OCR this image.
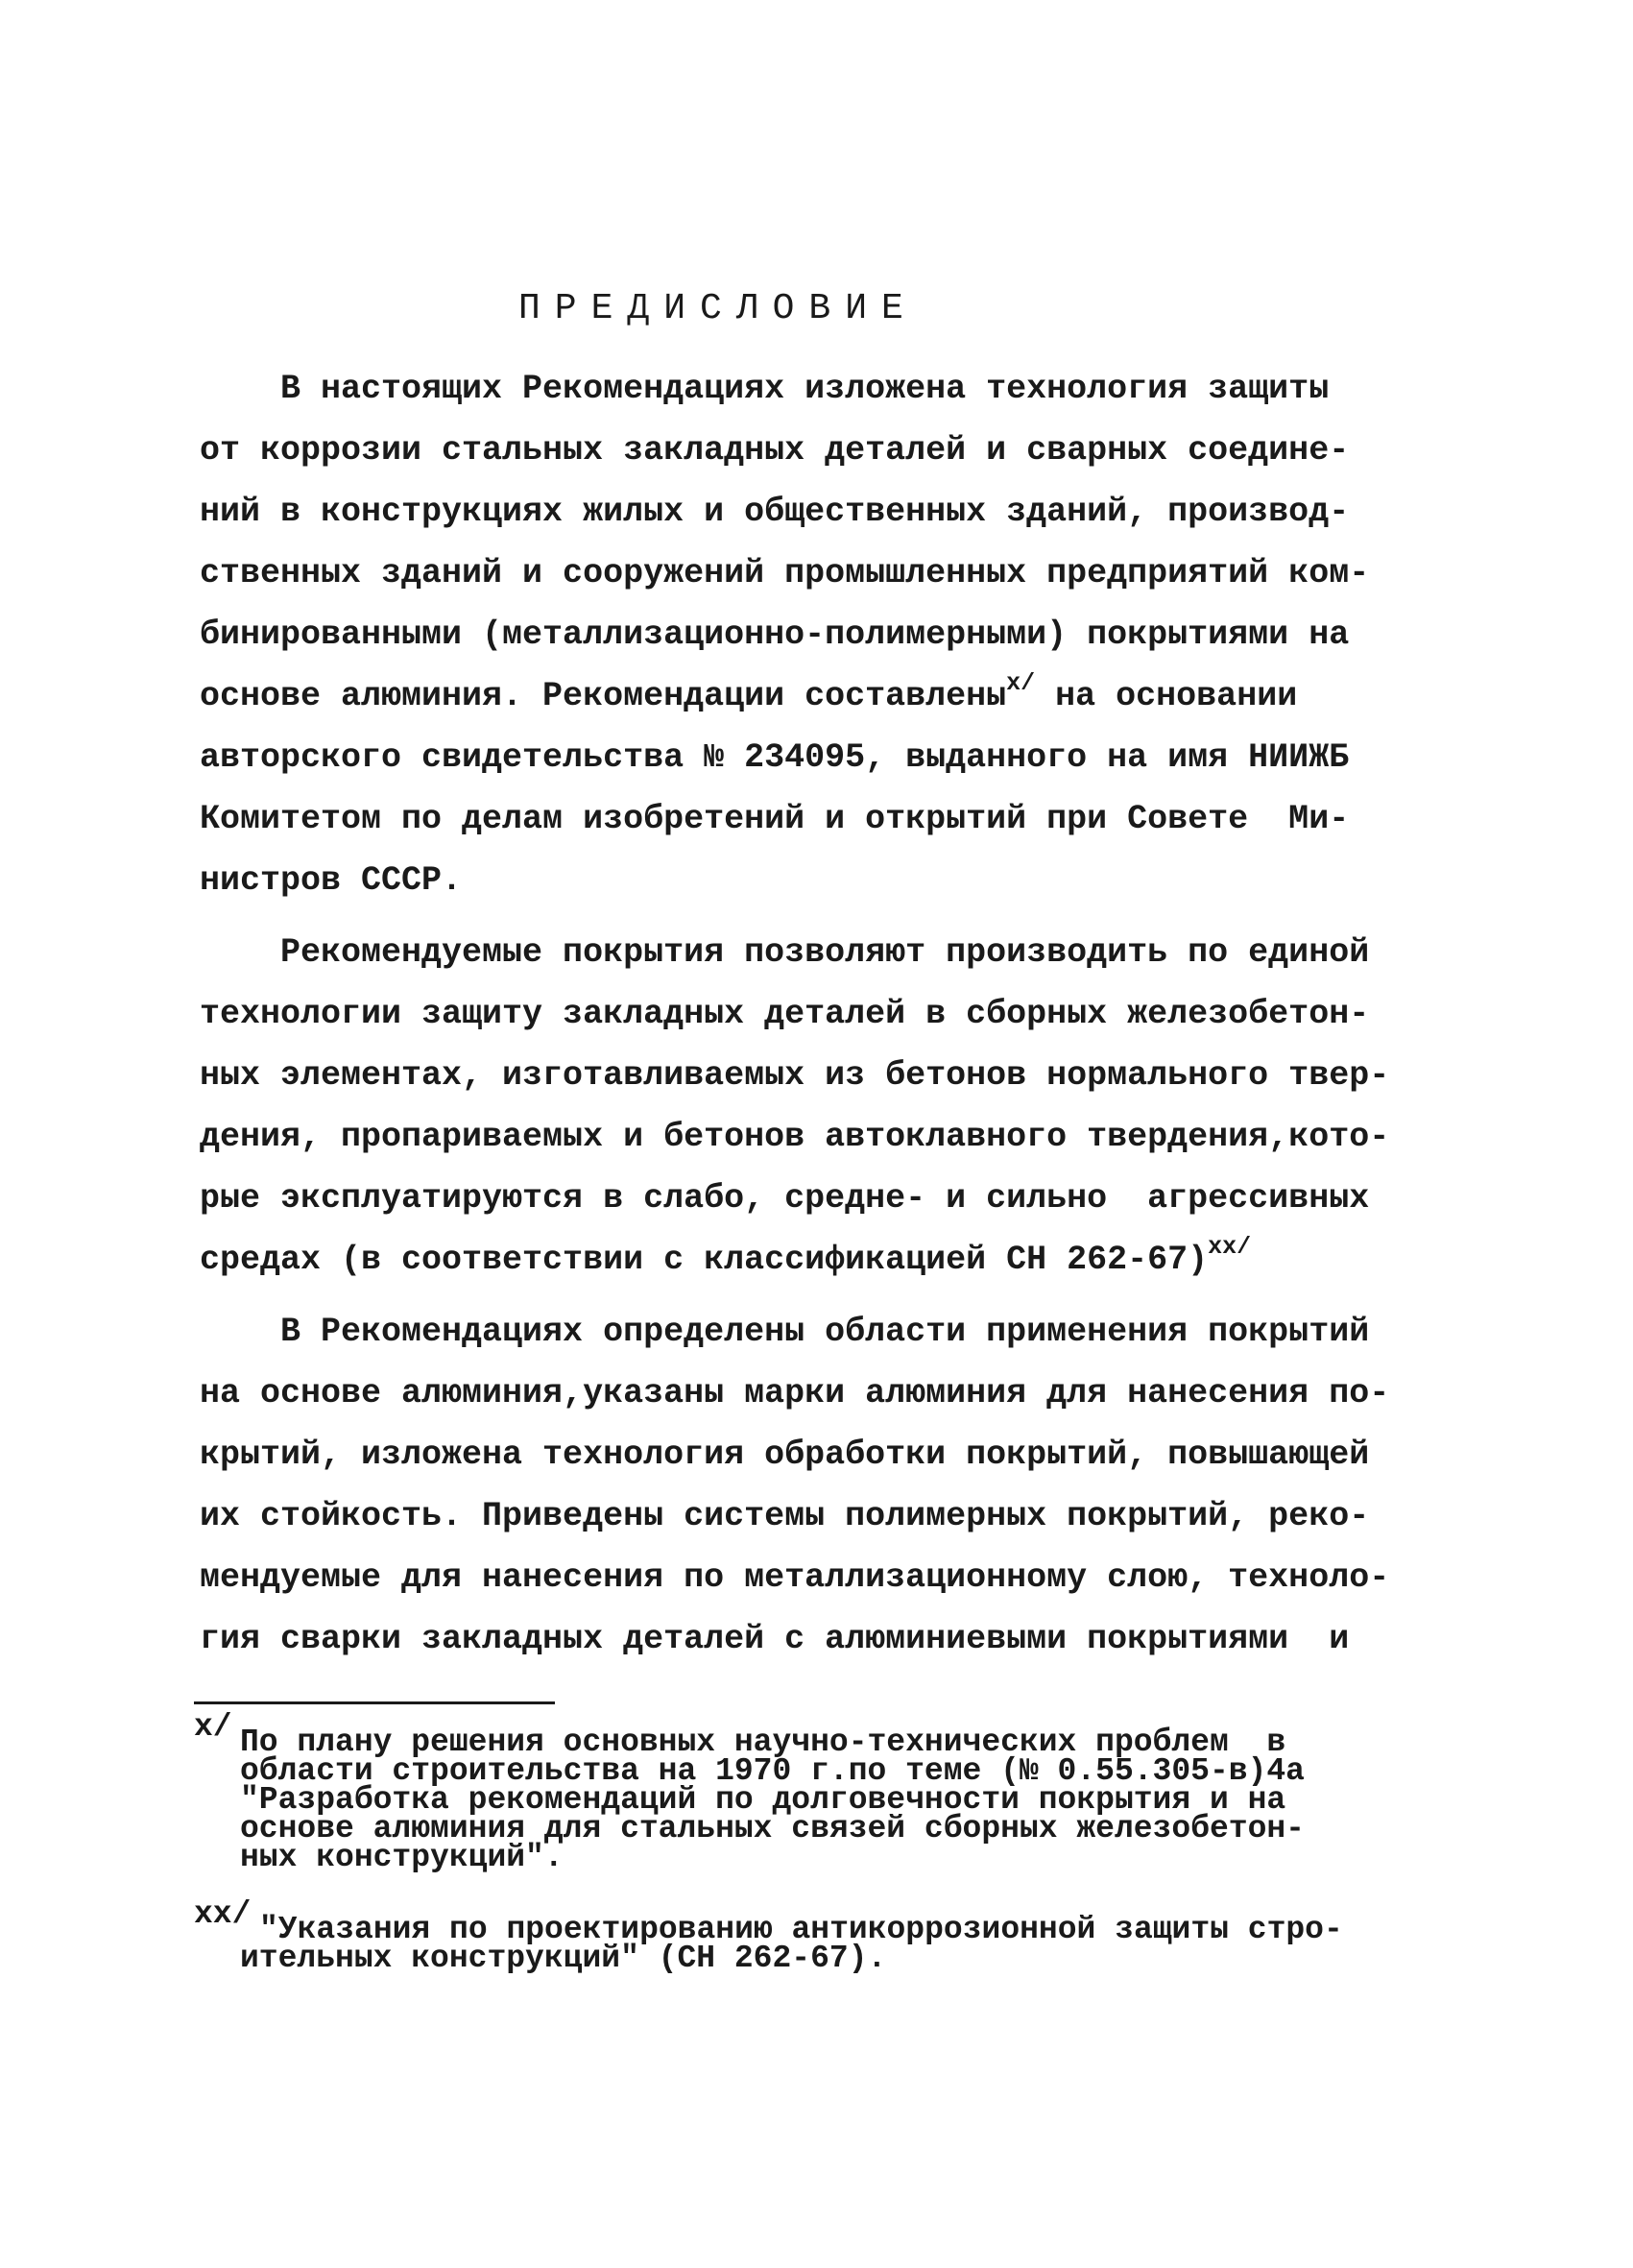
ПРЕДИСЛОВИЕ
В настоящих Рекомендациях изложена технология защиты
от коррозии стальных закладных деталей и сварных соедине-
ний в конструкциях жилых и общественных зданий, производ-
ственных зданий и сооружений промышленных предприятий ком-
бинированными (металлизационно-полимерными) покрытиями на
основе алюминия. Рекомендации составлены$^{x/}$ на основании
авторского свидетельства № 234095, выданного на имя НИИЖБ
Комитетом по делам изобретений и открытий при Совете  Ми-
нистров СССР.
Рекомендуемые покрытия позволяют производить по единой
технологии защиту закладных деталей в сборных железобетон-
ных элементах, изготавливаемых из бетонов нормального твер-
дения, пропариваемых и бетонов автоклавного твердения,кото-
рые эксплуатируются в слабо, средне- и сильно  агрессивных
средах (в соответствии с классификацией СН 262-67)$^{xx/}$
В Рекомендациях определены области применения покрытий
на основе алюминия,указаны марки алюминия для нанесения по-
крытий, изложена технология обработки покрытий, повышающей
их стойкость. Приведены системы полимерных покрытий, реко-
мендуемые для нанесения по металлизационному слою, техноло-
гия сварки закладных деталей с алюминиевыми покрытиями  и
x/ По плану решения основных научно-технических проблем  в
области строительства на 1970 г.по теме (№ 0.55.305-в)4а
"Разработка рекомендаций по долговечности покрытия и на
основе алюминия для стальных связей сборных железобетон-
ных конструкций".
xx/ "Указания по проектированию антикоррозионной защиты стро-
ительных конструкций" (СН 262-67).
